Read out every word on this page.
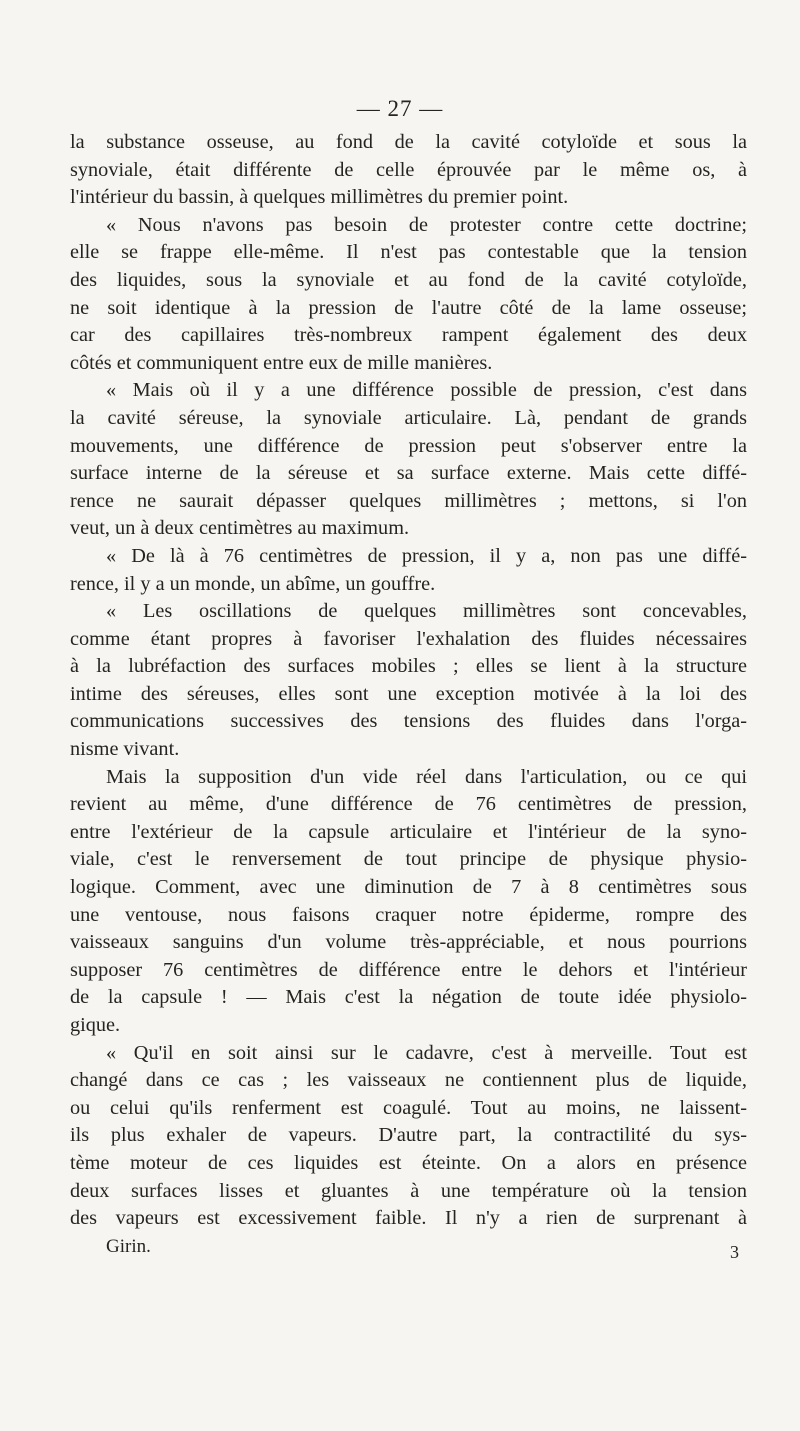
— 27 —
la substance osseuse, au fond de la cavité cotyloïde et sous la
synoviale, était différente de celle éprouvée par le même os, à
l'intérieur du bassin, à quelques millimètres du premier point.
« Nous n'avons pas besoin de protester contre cette doctrine;
elle se frappe elle-même. Il n'est pas contestable que la tension
des liquides, sous la synoviale et au fond de la cavité cotyloïde,
ne soit identique à la pression de l'autre côté de la lame osseuse;
car des capillaires très-nombreux rampent également des deux
côtés et communiquent entre eux de mille manières.
« Mais où il y a une différence possible de pression, c'est dans
la cavité séreuse, la synoviale articulaire. Là, pendant de grands
mouvements, une différence de pression peut s'observer entre la
surface interne de la séreuse et sa surface externe. Mais cette diffé-
rence ne saurait dépasser quelques millimètres ; mettons, si l'on
veut, un à deux centimètres au maximum.
« De là à 76 centimètres de pression, il y a, non pas une diffé-
rence, il y a un monde, un abîme, un gouffre.
« Les oscillations de quelques millimètres sont concevables,
comme étant propres à favoriser l'exhalation des fluides nécessaires
à la lubréfaction des surfaces mobiles ; elles se lient à la structure
intime des séreuses, elles sont une exception motivée à la loi des
communications successives des tensions des fluides dans l'orga-
nisme vivant.
Mais la supposition d'un vide réel dans l'articulation, ou ce qui
revient au même, d'une différence de 76 centimètres de pression,
entre l'extérieur de la capsule articulaire et l'intérieur de la syno-
viale, c'est le renversement de tout principe de physique physio-
logique. Comment, avec une diminution de 7 à 8 centimètres sous
une ventouse, nous faisons craquer notre épiderme, rompre des
vaisseaux sanguins d'un volume très-appréciable, et nous pourrions
supposer 76 centimètres de différence entre le dehors et l'intérieur
de la capsule ! — Mais c'est la négation de toute idée physiolo-
gique.
« Qu'il en soit ainsi sur le cadavre, c'est à merveille. Tout est
changé dans ce cas ; les vaisseaux ne contiennent plus de liquide,
ou celui qu'ils renferment est coagulé. Tout au moins, ne laissent-
ils plus exhaler de vapeurs. D'autre part, la contractilité du sys-
tème moteur de ces liquides est éteinte. On a alors en présence
deux surfaces lisses et gluantes à une température où la tension
des vapeurs est excessivement faible. Il n'y a rien de surprenant à
Girin.	3
